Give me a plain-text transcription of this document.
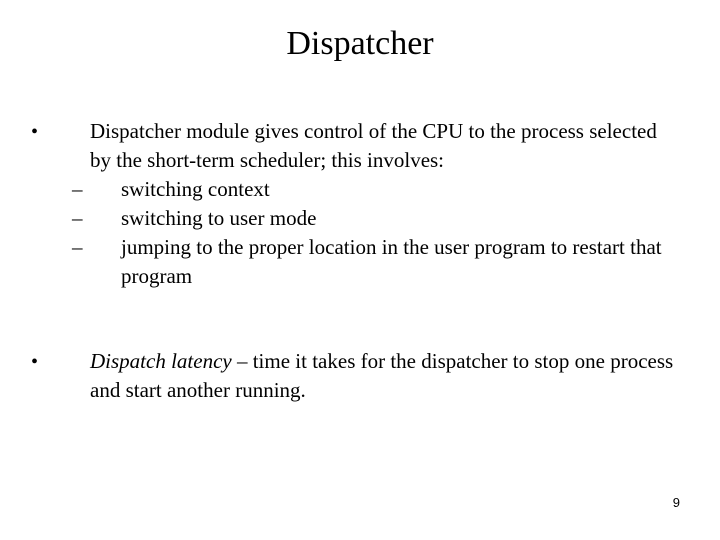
Dispatcher
• Dispatcher module gives control of the CPU to the process selected by the short-term scheduler; this involves:
– switching context
– switching to user mode
– jumping to the proper location in the user program to restart that program
• Dispatch latency – time it takes for the dispatcher to stop one process and start another running.
9
